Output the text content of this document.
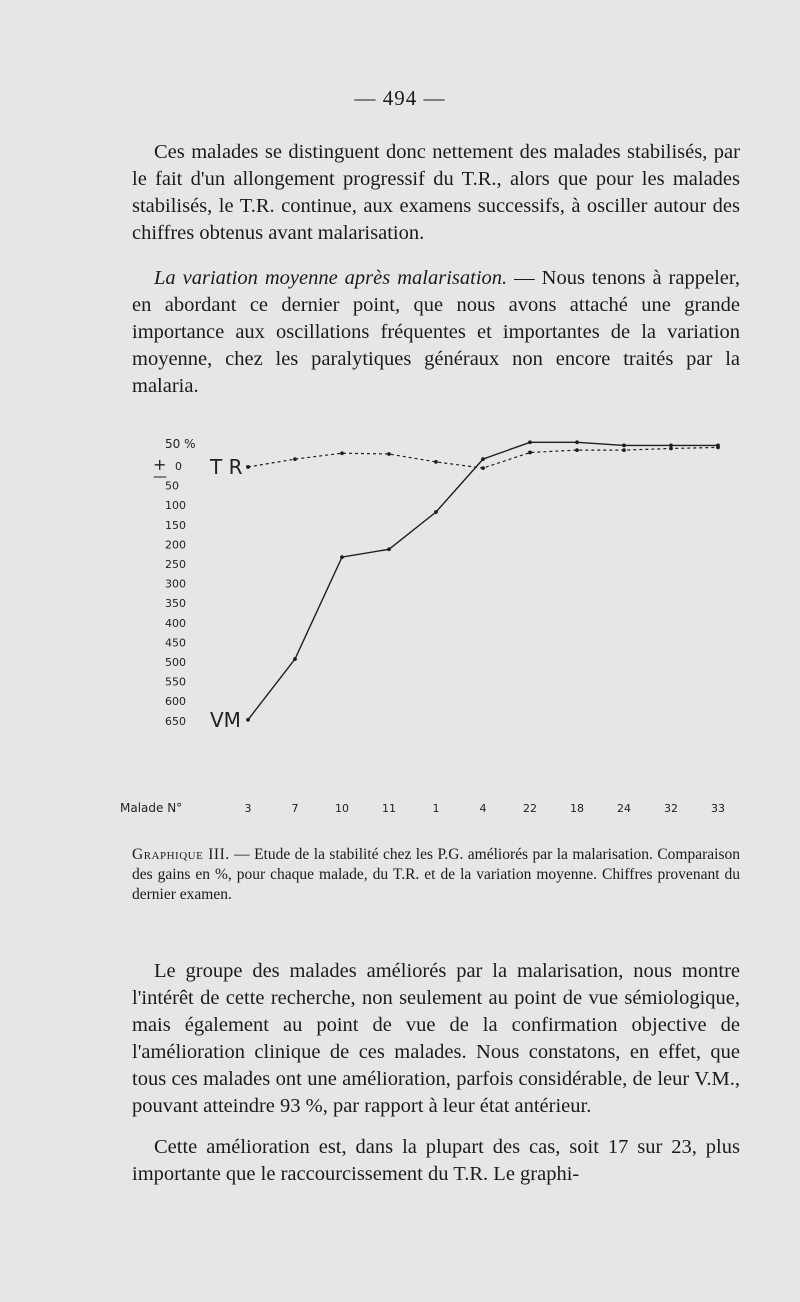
— 494 —

Ces malades se distinguent donc nettement des malades stabilisés, par le fait d'un allongement progressif du T.R., alors que pour les malades stabilisés, le T.R. continue, aux examens successifs, à osciller autour des chiffres obtenus avant malarisation.

La variation moyenne après malarisation. — Nous tenons à rappeler, en abordant ce dernier point, que nous avons attaché une grande importance aux oscillations fréquentes et importantes de la variation moyenne, chez les paralytiques généraux non encore traités par la malaria.

50 %
+
—
0
50
100
150
200
250
300
350
400
450
500
550
600
650
Malade N°	3	7	10	11	1	4	22	18	24	32	33
T R
VM

Graphique III. — Etude de la stabilité chez les P.G. améliorés par la malarisation. Comparaison des gains en %, pour chaque malade, du T.R. et de la variation moyenne. Chiffres provenant du dernier examen.

Le groupe des malades améliorés par la malarisation, nous montre l'intérêt de cette recherche, non seulement au point de vue sémiologique, mais également au point de vue de la confirmation objective de l'amélioration clinique de ces malades. Nous constatons, en effet, que tous ces malades ont une amélioration, parfois considérable, de leur V.M., pouvant atteindre 93 %, par rapport à leur état antérieur.

Cette amélioration est, dans la plupart des cas, soit 17 sur 23, plus importante que le raccourcissement du T.R. Le graphi-
